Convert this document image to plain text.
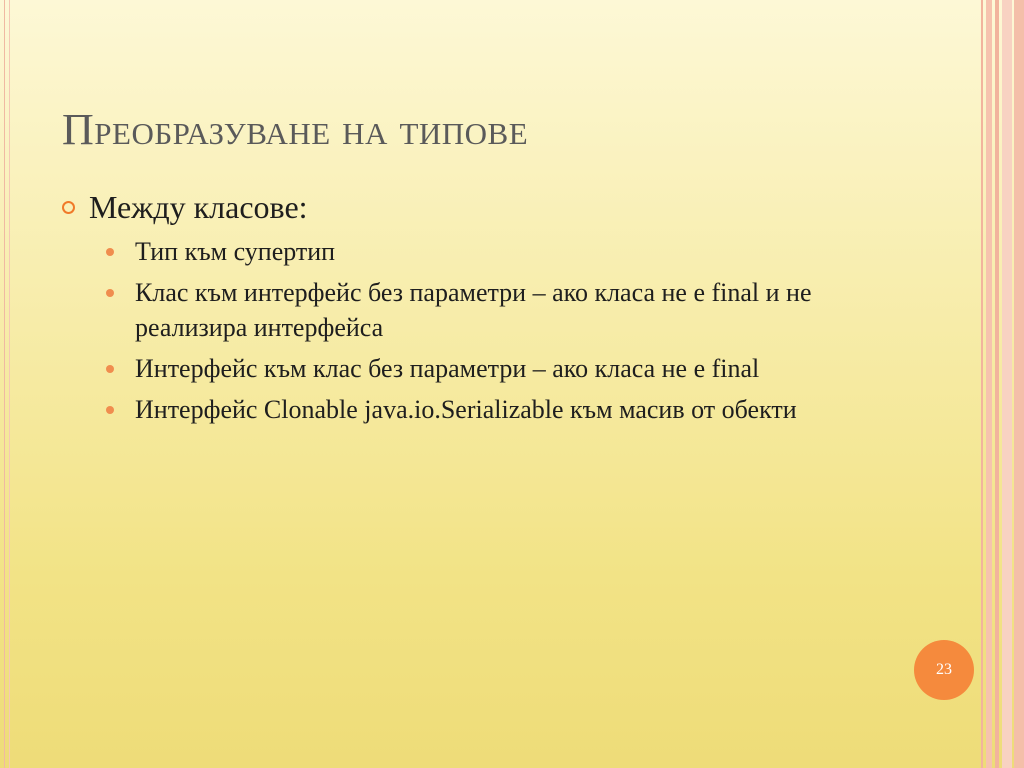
Преобразуване на типове
Между класове:
Тип към супертип
Клас към интерфейс без параметри – ако класа не е final и не реализира интерфейса
Интерфейс към клас без параметри – ако класа не е final
Интерфейс Clonable java.io.Serializable към масив от обекти
23
